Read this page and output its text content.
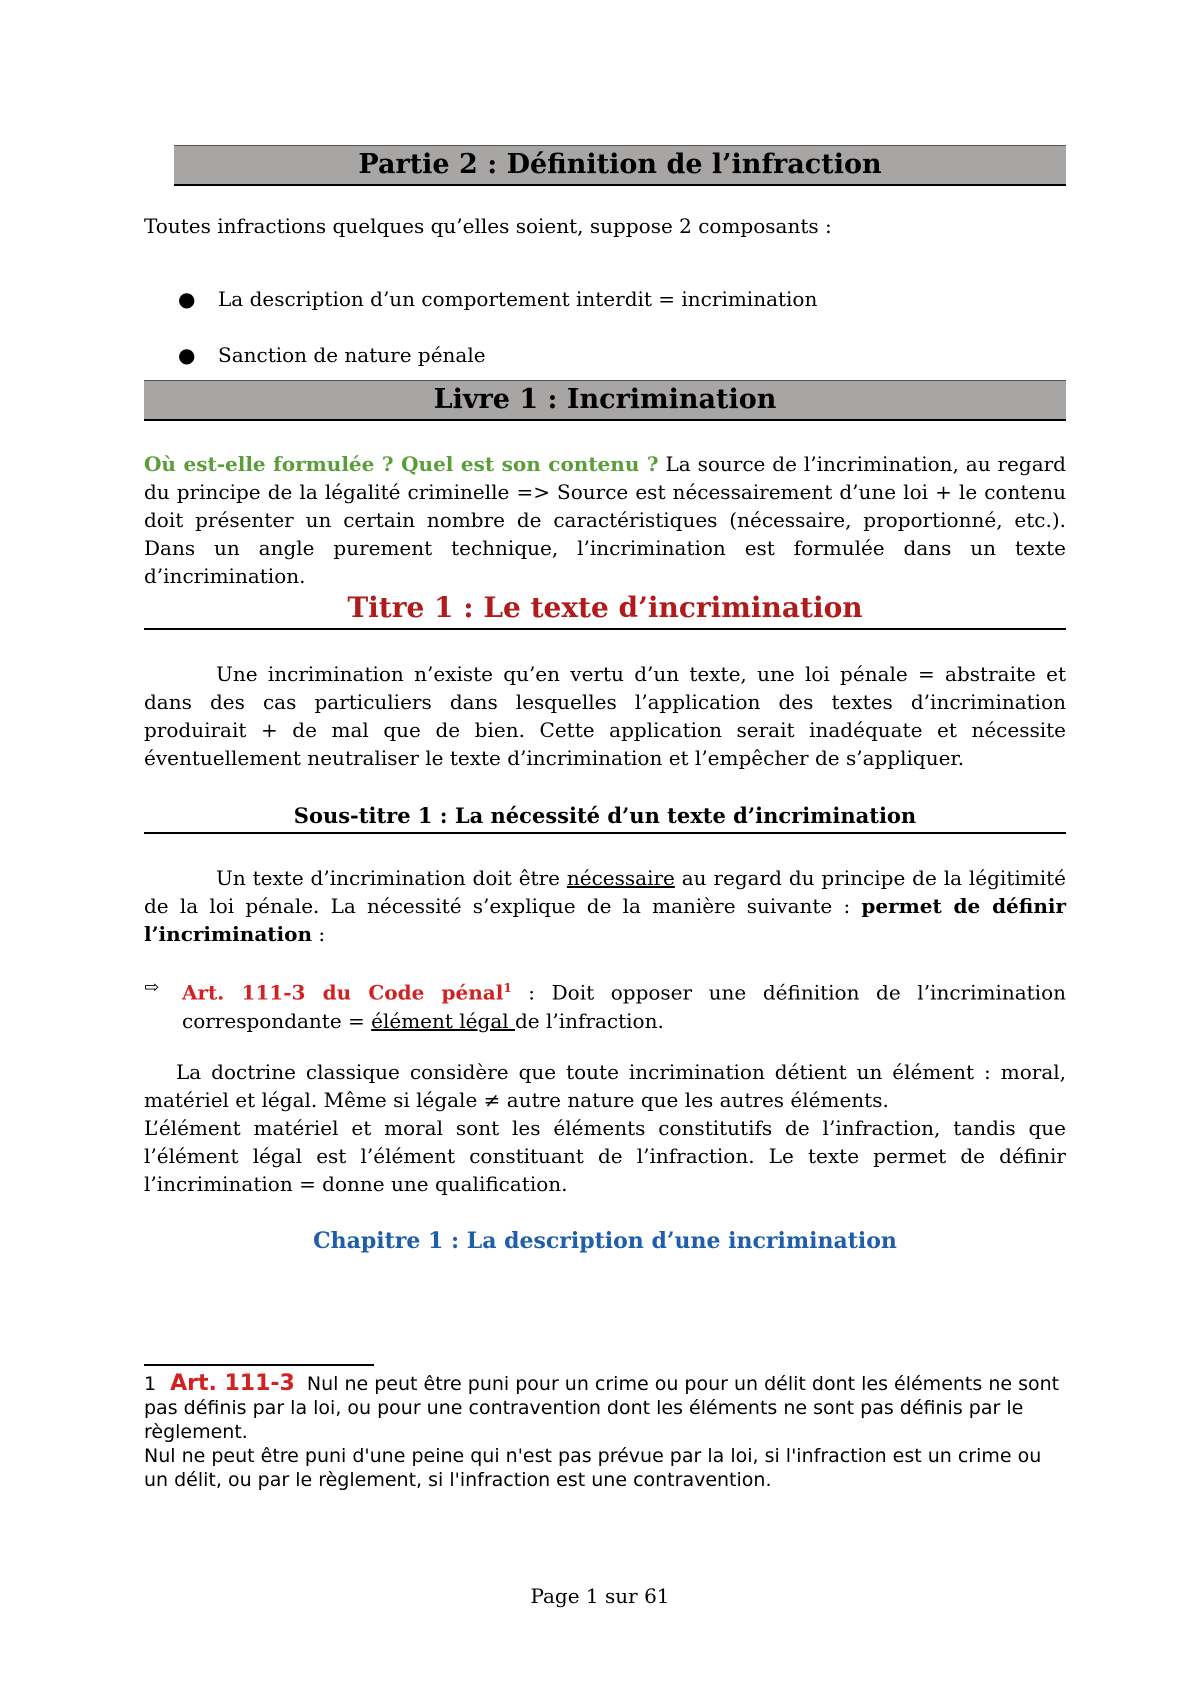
Partie 2 : Définition de l’infraction
Toutes infractions quelques qu’elles soient, suppose 2 composants :
● La description d’un comportement interdit = incrimination
● Sanction de nature pénale
Livre 1 : Incrimination
Où est-elle formulée ? Quel est son contenu ? La source de l’incrimination, au regard du principe de la légalité criminelle => Source est nécessairement d’une loi + le contenu doit présenter un certain nombre de caractéristiques (nécessaire, proportionné, etc.). Dans un angle purement technique, l’incrimination est formulée dans un texte d’incrimination.
Titre 1 : Le texte d’incrimination
Une incrimination n’existe qu’en vertu d’un texte, une loi pénale = abstraite et dans des cas particuliers dans lesquelles l’application des textes d’incrimination produirait + de mal que de bien. Cette application serait inadéquate et nécessite éventuellement neutraliser le texte d’incrimination et l’empêcher de s’appliquer.
Sous-titre 1 : La nécessité d’un texte d’incrimination
Un texte d’incrimination doit être nécessaire au regard du principe de la légitimité de la loi pénale. La nécessité s’explique de la manière suivante : permet de définir l’incrimination :
⇨ Art. 111-3 du Code pénal$^1$ : Doit opposer une définition de l’incrimination correspondante = élément légal de l’infraction.
La doctrine classique considère que toute incrimination détient un élément : moral, matériel et légal. Même si légale ≠ autre nature que les autres éléments.
L’élément matériel et moral sont les éléments constitutifs de l’infraction, tandis que l’élément légal est l’élément constituant de l’infraction. Le texte permet de définir l’incrimination = donne une qualification.
Chapitre 1 : La description d’une incrimination
1 Art. 111-3 Nul ne peut être puni pour un crime ou pour un délit dont les éléments ne sont pas définis par la loi, ou pour une contravention dont les éléments ne sont pas définis par le règlement.
Nul ne peut être puni d'une peine qui n'est pas prévue par la loi, si l'infraction est un crime ou un délit, ou par le règlement, si l'infraction est une contravention.
Page 1 sur 61
